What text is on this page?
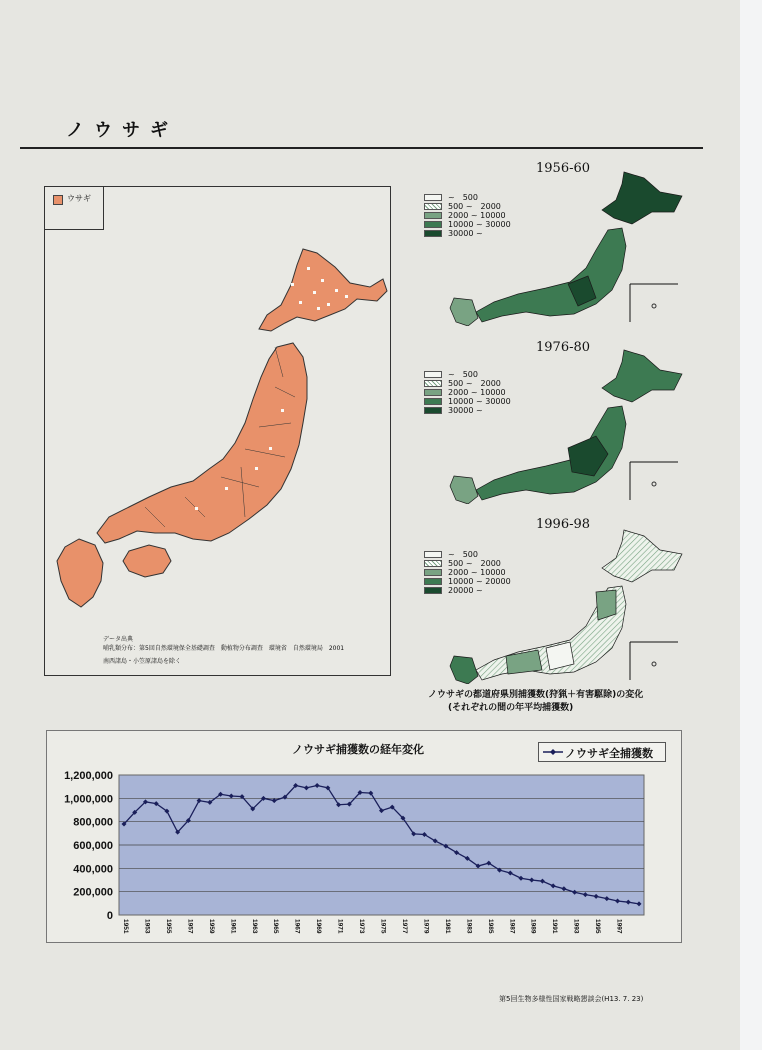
ノウサギ
ウサギ
データ出典
哺乳類分布：第5回自然環境保全基礎調査　動植物分布調査　環境省　自然環境局　2001
南西諸島・小笠原諸島を除く
1956-60
~　500
500 ~　2000
2000 ~ 10000
10000 ~ 30000
30000 ~
1976-80
~　500
500 ~　2000
2000 ~ 10000
10000 ~ 30000
30000 ~
1996-98
~　500
500 ~　2000
2000 ~ 10000
10000 ~ 20000
20000 ~
ノウサギの都道府県別捕獲数(狩猟＋有害駆除)の変化
(それぞれの間の年平均捕獲数)
ノウサギ捕獲数の経年変化	ノウサギ全捕獲数
0
200,000
400,000
600,000
800,000
1,000,000
1,200,000
1951 1953 1955 1957 1959 1961 1963 1965 1967 1969 1971 1973 1975 1977 1979 1981 1983 1985 1987 1989 1991 1993 1995 1997
第5回生物多様性国家戦略懇談会(H13. 7. 23)
